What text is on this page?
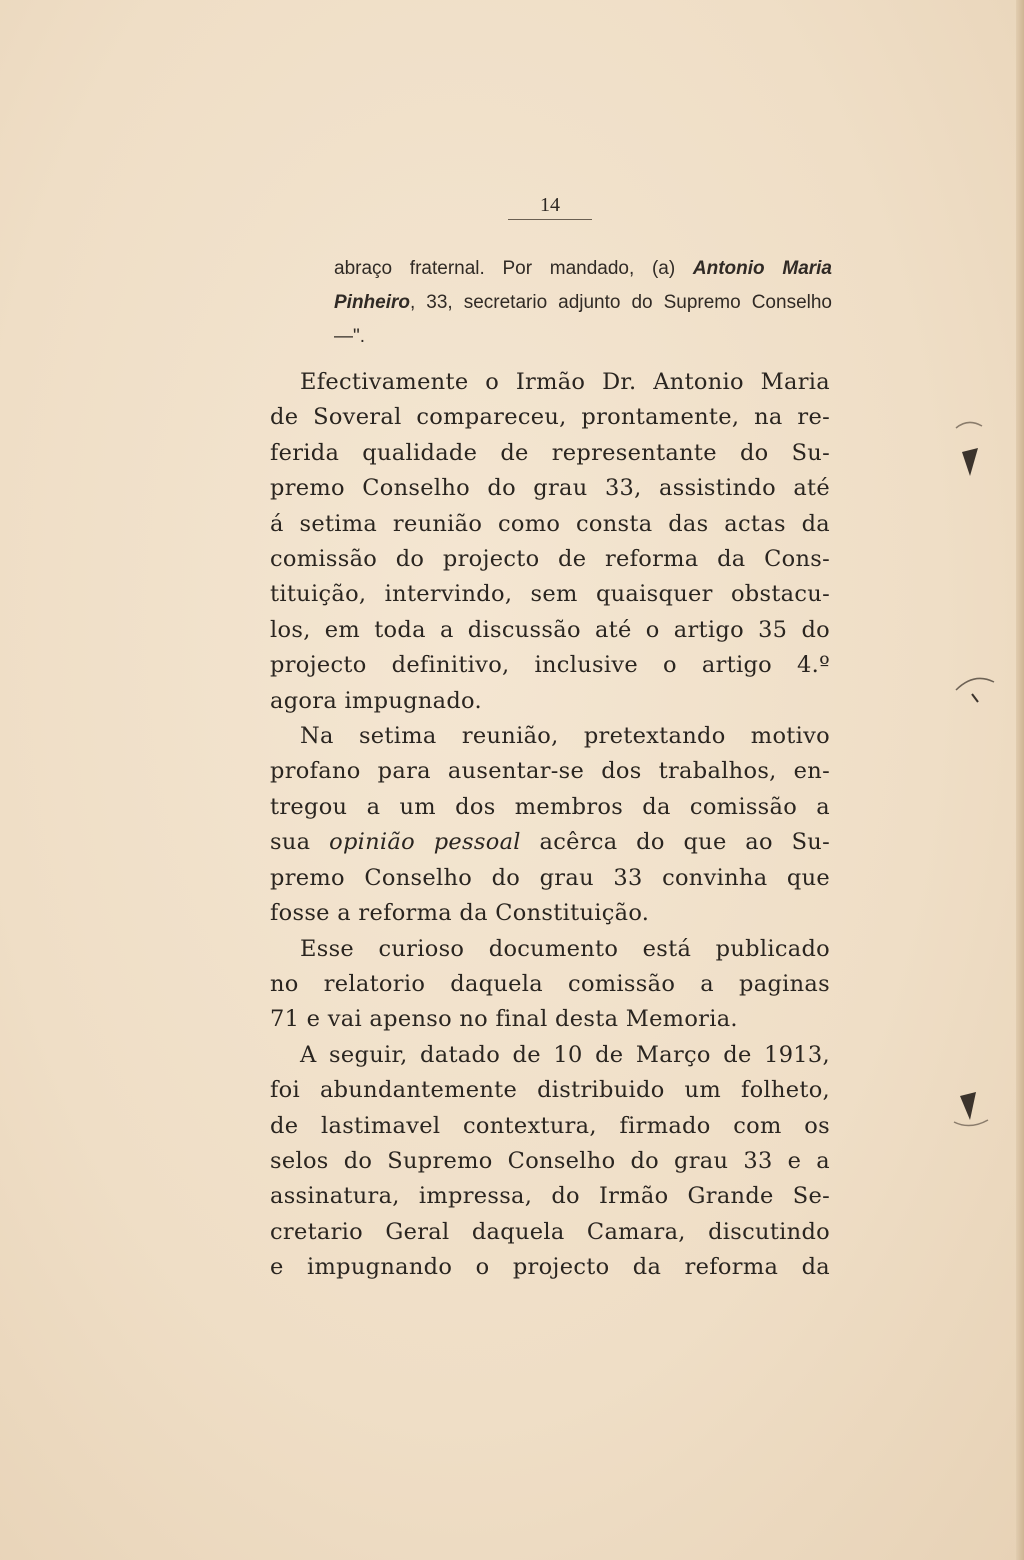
14
abraço fraternal. Por mandado, (a) Antonio Maria Pinheiro, 33, secretario adjunto do Supremo Conselho —".

Efectivamente o Irmão Dr. Antonio Maria
de Soveral compareceu, prontamente, na re-
ferida qualidade de representante do Su-
premo Conselho do grau 33, assistindo até
á setima reunião como consta das actas da
comissão do projecto de reforma da Cons-
tituição, intervindo, sem quaisquer obstacu-
los, em toda a discussão até o artigo 35 do
projecto definitivo, inclusive o artigo 4.º
agora impugnado.

Na setima reunião, pretextando motivo
profano para ausentar-se dos trabalhos, en-
tregou a um dos membros da comissão a
sua opinião pessoal acêrca do que ao Su-
premo Conselho do grau 33 convinha que
fosse a reforma da Constituição.

Esse curioso documento está publicado
no relatorio daquela comissão a paginas
71 e vai apenso no final desta Memoria.

A seguir, datado de 10 de Março de 1913,
foi abundantemente distribuido um folheto,
de lastimavel contextura, firmado com os
selos do Supremo Conselho do grau 33 e a
assinatura, impressa, do Irmão Grande Se-
cretario Geral daquela Camara, discutindo
e impugnando o projecto da reforma da
